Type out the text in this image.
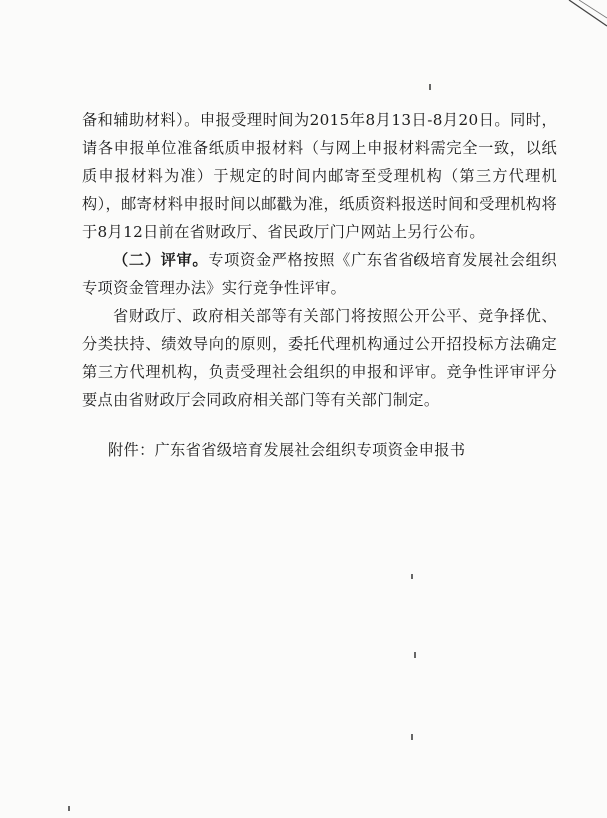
备和辅助材料）。申报受理时间为2015年8月13日-8月20日。同时，请各申报单位准备纸质申报材料（与网上申报材料需完全一致，以纸质申报材料为准）于规定的时间内邮寄至受理机构（第三方代理机构），邮寄材料申报时间以邮戳为准，纸质资料报送时间和受理机构将于8月12日前在省财政厅、省民政厅门户网站上另行公布。

（二）评审。专项资金严格按照《广东省省级培育发展社会组织专项资金管理办法》实行竞争性评审。

省财政厅、政府相关部等有关部门将按照公开公平、竞争择优、分类扶持、绩效导向的原则，委托代理机构通过公开招投标方法确定第三方代理机构，负责受理社会组织的申报和评审。竞争性评审评分要点由省财政厅会同政府相关部门等有关部门制定。

附件：广东省省级培育发展社会组织专项资金申报书
